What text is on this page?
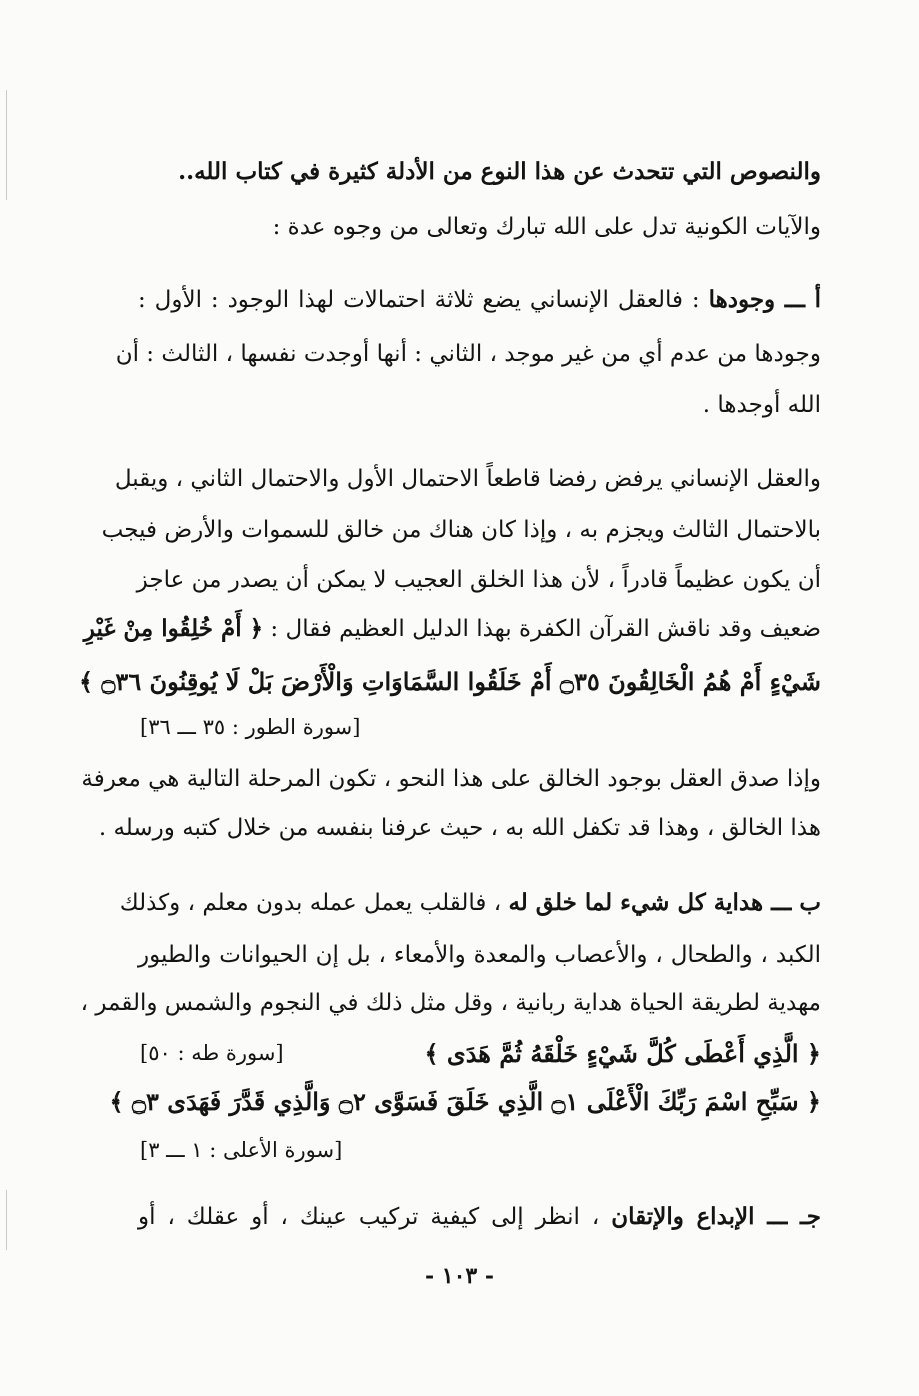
والنصوص التي تتحدث عن هذا النوع من الأدلة كثيرة في كتاب الله..
والآيات الكونية تدل على الله تبارك وتعالى من وجوه عدة :
أ ـــ وجودها : فالعقل الإنساني يضع ثلاثة احتمالات لهذا الوجود : الأول :
وجودها من عدم أي من غير موجد ، الثاني : أنها أوجدت نفسها ، الثالث : أن
الله أوجدها .
والعقل الإنساني يرفض رفضا قاطعاً الاحتمال الأول والاحتمال الثاني ، ويقبل
بالاحتمال الثالث ويجزم به ، وإذا كان هناك من خالق للسموات والأرض فيجب
أن يكون عظيماً قادراً ، لأن هذا الخلق العجيب لا يمكن أن يصدر من عاجز
ضعيف وقد ناقش القرآن الكفرة بهذا الدليل العظيم فقال : ﴿ أَمْ خُلِقُوا مِنْ غَيْرِ
شَيْءٍ أَمْ هُمُ الْخَالِقُونَ ۝٣٥ أَمْ خَلَقُوا السَّمَاوَاتِ وَالْأَرْضَ بَلْ لَا يُوقِنُونَ ۝٣٦ ﴾
[سورة الطور : ٣٥ ـــ ٣٦]
وإذا صدق العقل بوجود الخالق على هذا النحو ، تكون المرحلة التالية هي معرفة
هذا الخالق ، وهذا قد تكفل الله به ، حيث عرفنا بنفسه من خلال كتبه ورسله .
ب ـــ هداية كل شيء لما خلق له ، فالقلب يعمل عمله بدون معلم ، وكذلك
الكبد ، والطحال ، والأعصاب والمعدة والأمعاء ، بل إن الحيوانات والطيور
مهدية لطريقة الحياة هداية ربانية ، وقل مثل ذلك في النجوم والشمس والقمر ،
﴿ الَّذِي أَعْطَى كُلَّ شَيْءٍ خَلْقَهُ ثُمَّ هَدَى ﴾
[سورة طه : ٥٠]
﴿ سَبِّحِ اسْمَ رَبِّكَ الْأَعْلَى ۝١ الَّذِي خَلَقَ فَسَوَّى ۝٢ وَالَّذِي قَدَّرَ فَهَدَى ۝٣ ﴾
[سورة الأعلى : ١ ـــ ٣]
جـ ـــ الإبداع والإتقان ، انظر إلى كيفية تركيب عينك ، أو عقلك ، أو
- ١٠٣ -
